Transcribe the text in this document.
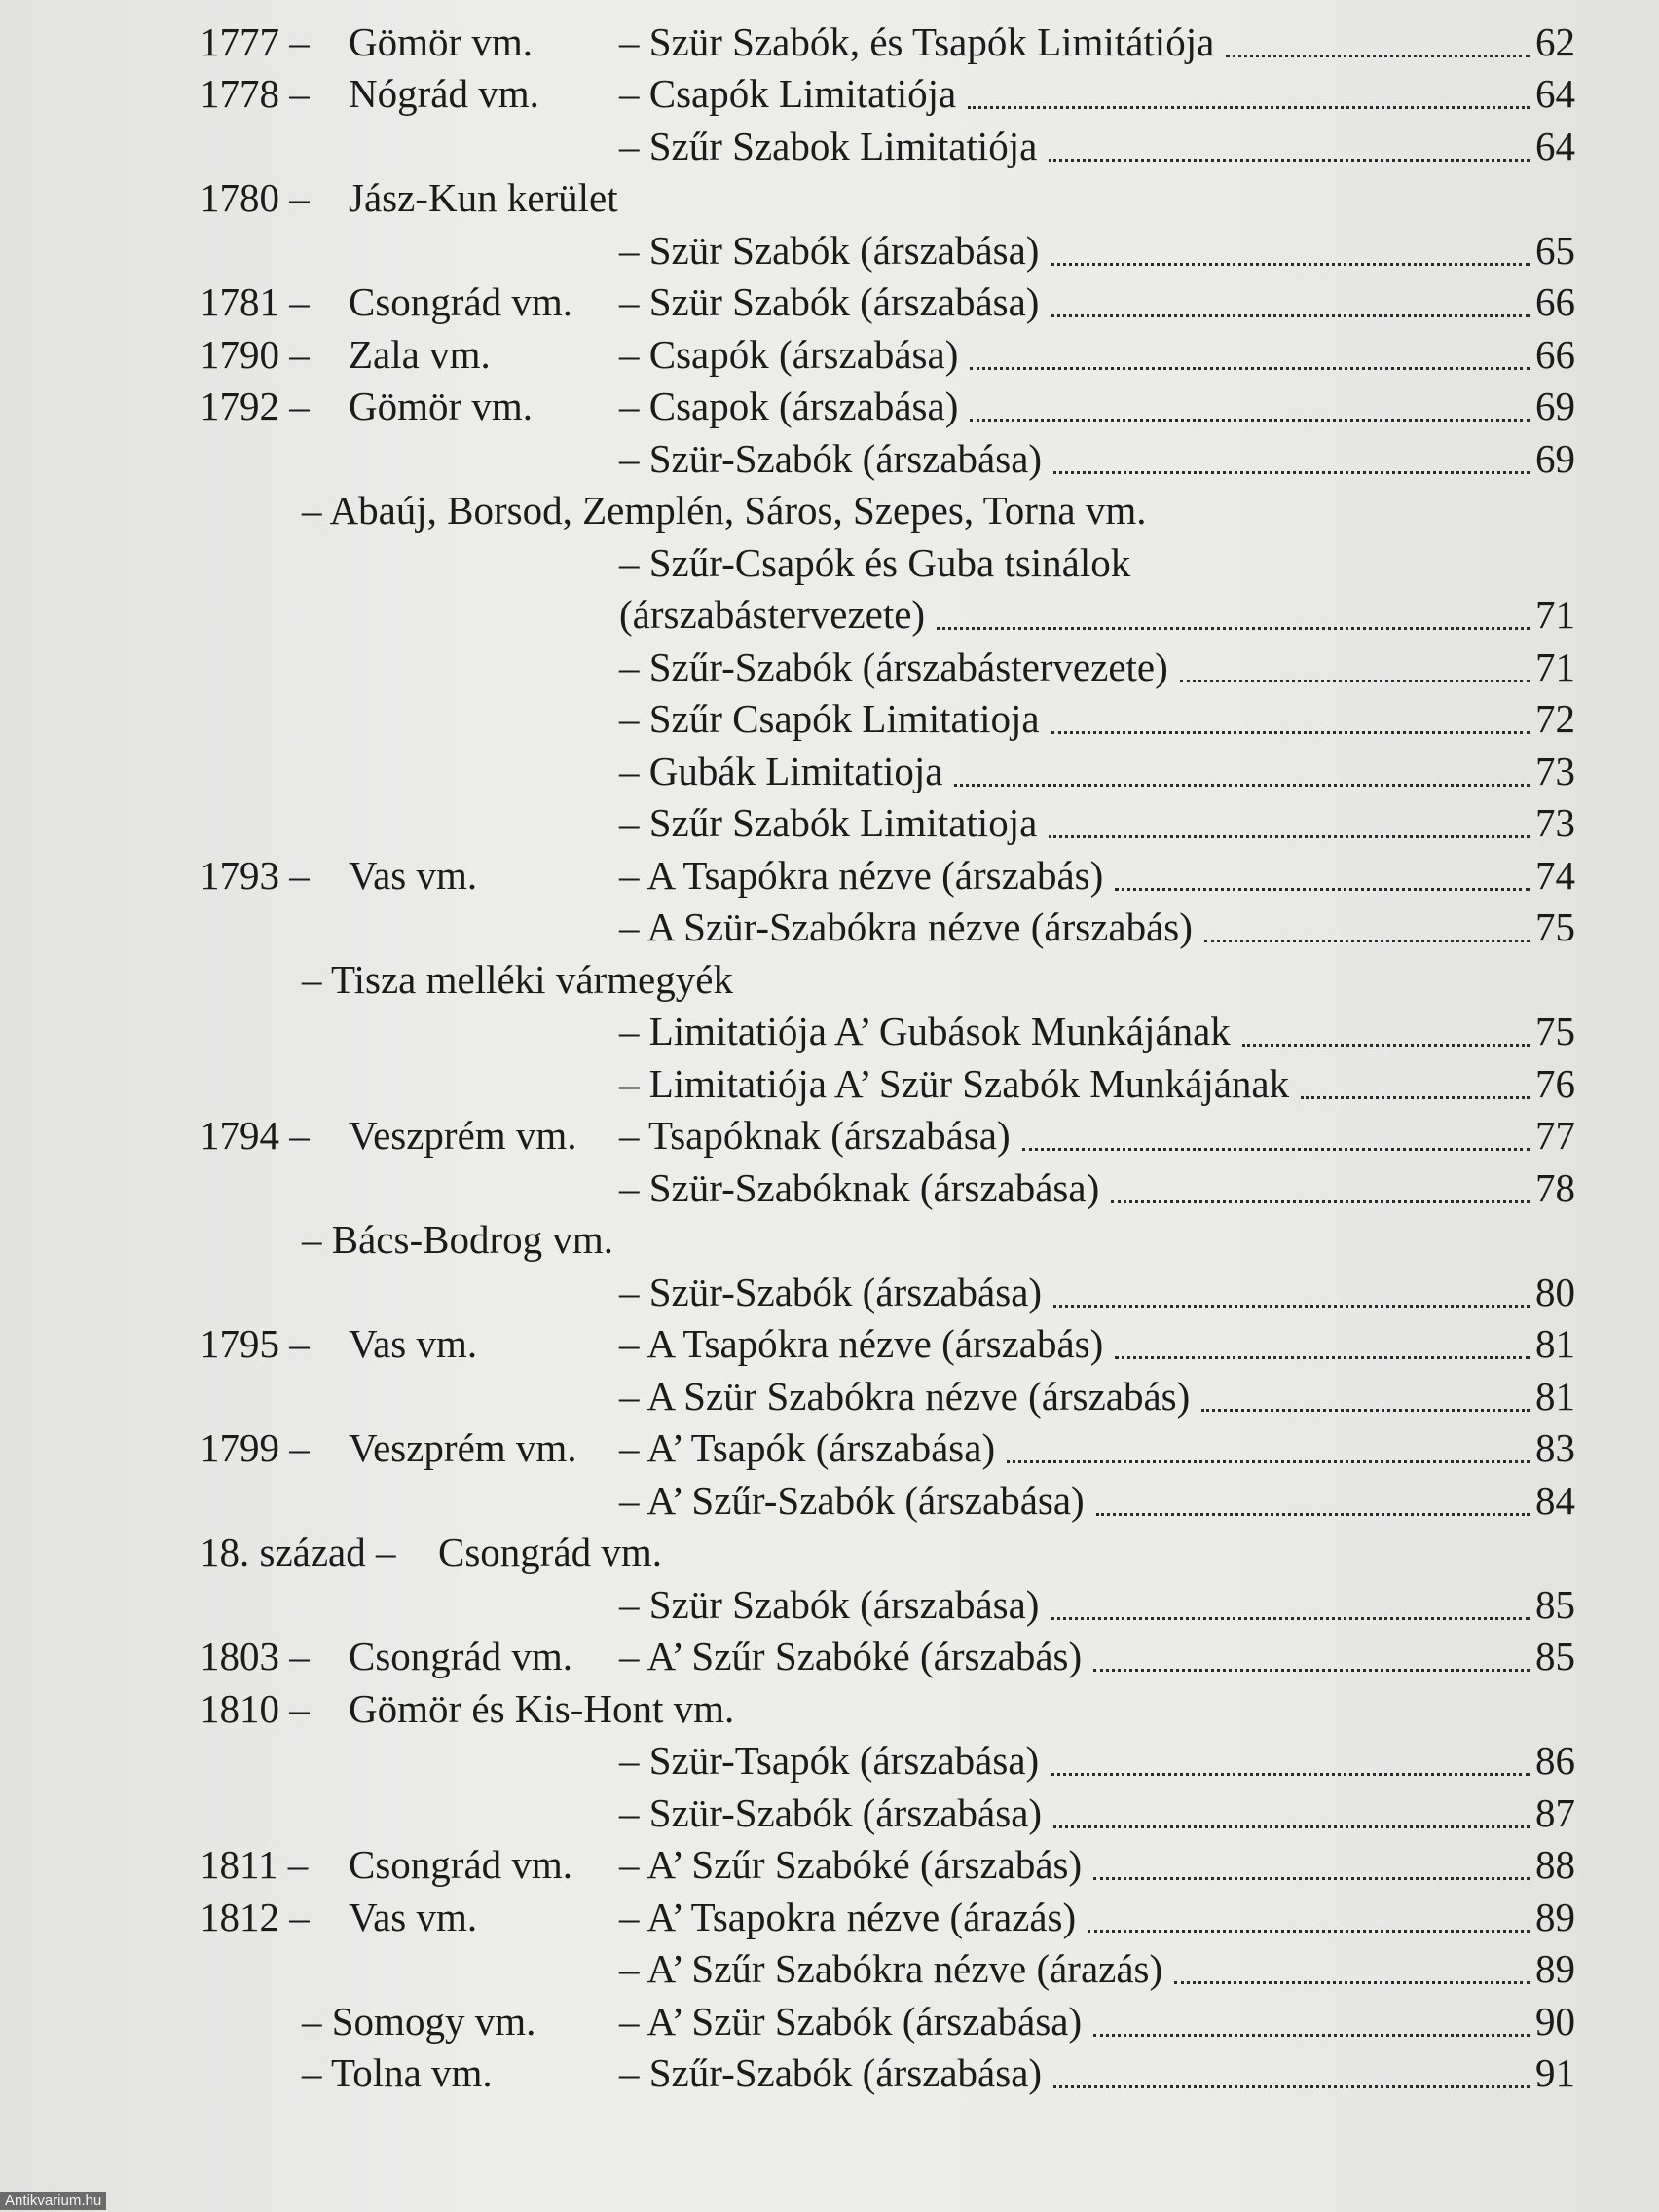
1777 – Gömör vm. – Szür Szabók, és Tsapók Limitátiója	62
1778 – Nógrád vm. – Csapók Limitatiója	64
– Szűr Szabok Limitatiója	64
1780 – Jász-Kun kerület
– Szür Szabók (árszabása)	65
1781 – Csongrád vm. – Szür Szabók (árszabása)	66
1790 – Zala vm.	– Csapók (árszabása)	66
1792 – Gömör vm. – Csapok (árszabása)	69
– Szür-Szabók (árszabása)	69
– Abaúj, Borsod, Zemplén, Sáros, Szepes, Torna vm.
– Szűr-Csapók és Guba tsinálok
(árszabástervezete)	71
– Szűr-Szabók (árszabástervezete)	71
– Szűr Csapók Limitatioja	72
– Gubák Limitatioja	73
– Szűr Szabók Limitatioja	73
1793 – Vas vm.	– A Tsapókra nézve (árszabás)	74
– A Szür-Szabókra nézve (árszabás)	75
– Tisza melléki vármegyék
– Limitatiója A’ Gubások Munkájának	75
– Limitatiója A’ Szür Szabók Munkájának	76
1794 – Veszprém vm. – Tsapóknak (árszabása)	77
– Szür-Szabóknak (árszabása)	78
– Bács-Bodrog vm.
– Szür-Szabók (árszabása)	80
1795 – Vas vm.	– A Tsapókra nézve (árszabás)	81
– A Szür Szabókra nézve (árszabás)	81
1799 – Veszprém vm. – A’ Tsapók (árszabása)	83
– A’ Szűr-Szabók (árszabása)	84
18. század – Csongrád vm.
– Szür Szabók (árszabása)	85
1803 – Csongrád vm. – A’ Szűr Szabóké (árszabás)	85
1810 – Gömör és Kis-Hont vm.
– Szür-Tsapók (árszabása)	86
– Szür-Szabók (árszabása)	87
1811 – Csongrád vm. – A’ Szűr Szabóké (árszabás)	88
1812 – Vas vm.	– A’ Tsapokra nézve (árazás)	89
– A’ Szűr Szabókra nézve (árazás)	89
– Somogy vm. – A’ Szür Szabók (árszabása)	90
– Tolna vm.	– Szűr-Szabók (árszabása)	91
Antikvarium.hu
